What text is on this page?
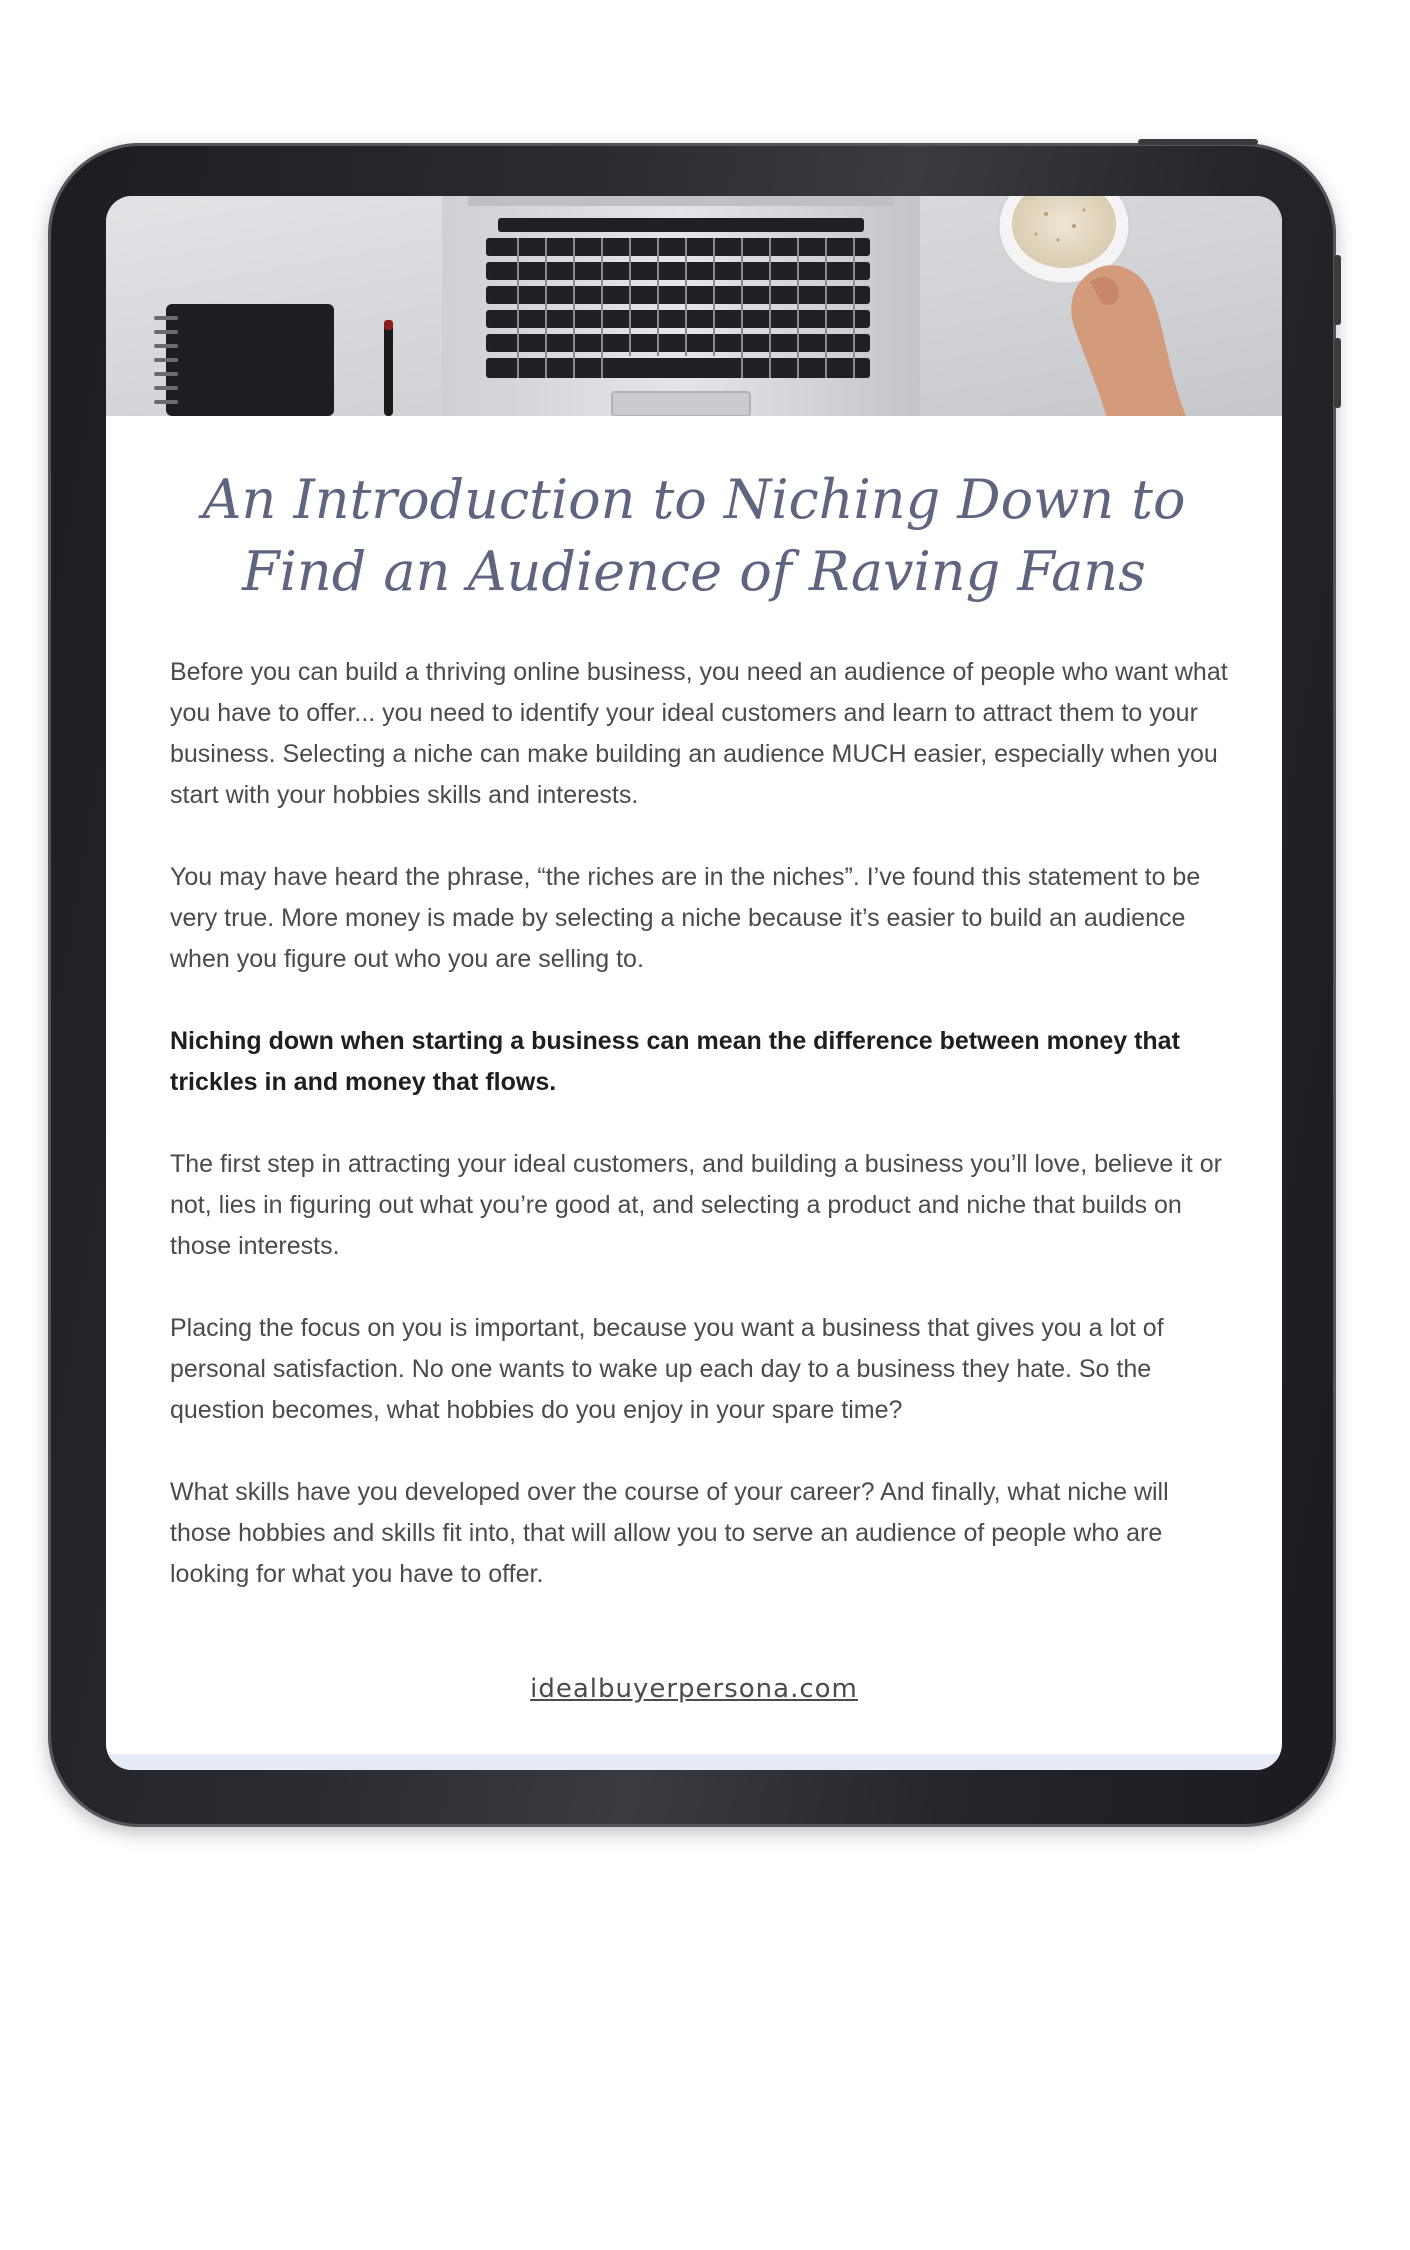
An Introduction to Niching Down to Find an Audience of Raving Fans

Before you can build a thriving online business, you need an audience of people who want what you have to offer... you need to identify your ideal customers and learn to attract them to your business. Selecting a niche can make building an audience MUCH easier, especially when you start with your hobbies skills and interests.

You may have heard the phrase, “the riches are in the niches”. I’ve found this statement to be very true. More money is made by selecting a niche because it’s easier to build an audience when you figure out who you are selling to.

Niching down when starting a business can mean the difference between money that trickles in and money that flows.

The first step in attracting your ideal customers, and building a business you’ll love, believe it or not, lies in figuring out what you’re good at, and selecting a product and niche that builds on those interests.

Placing the focus on you is important, because you want a business that gives you a lot of personal satisfaction. No one wants to wake up each day to a business they hate. So the question becomes, what hobbies do you enjoy in your spare time?

What skills have you developed over the course of your career? And finally, what niche will those hobbies and skills fit into, that will allow you to serve an audience of people who are looking for what you have to offer.

idealbuyerpersona.com
